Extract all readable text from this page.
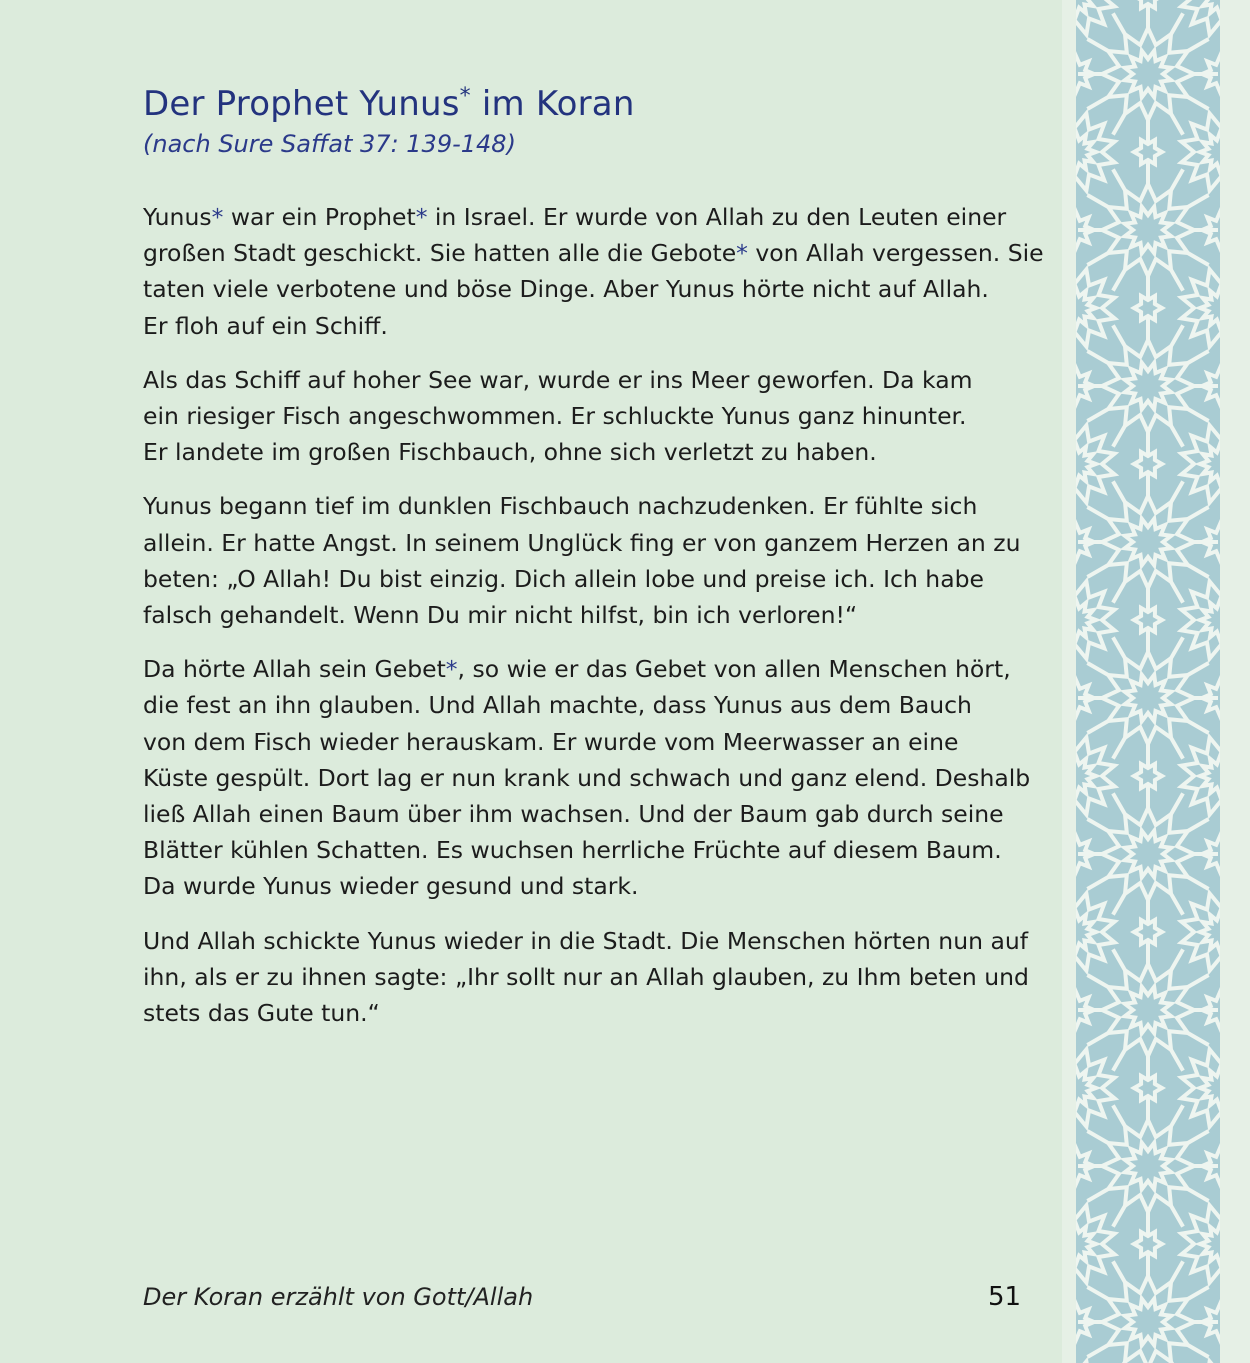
Der Prophet Yunus* im Koran

(nach Sure Saffat 37: 139-148)

Yunus* war ein Prophet* in Israel. Er wurde von Allah zu den Leuten einer
großen Stadt geschickt. Sie hatten alle die Gebote* von Allah vergessen. Sie
taten viele verbotene und böse Dinge. Aber Yunus hörte nicht auf Allah.
Er floh auf ein Schiff.

Als das Schiff auf hoher See war, wurde er ins Meer geworfen. Da kam
ein riesiger Fisch angeschwommen. Er schluckte Yunus ganz hinunter.
Er landete im großen Fischbauch, ohne sich verletzt zu haben.

Yunus begann tief im dunklen Fischbauch nachzudenken. Er fühlte sich
allein. Er hatte Angst. In seinem Unglück fing er von ganzem Herzen an zu
beten: „O Allah! Du bist einzig. Dich allein lobe und preise ich. Ich habe
falsch gehandelt. Wenn Du mir nicht hilfst, bin ich verloren!“

Da hörte Allah sein Gebet*, so wie er das Gebet von allen Menschen hört,
die fest an ihn glauben. Und Allah machte, dass Yunus aus dem Bauch
von dem Fisch wieder herauskam. Er wurde vom Meerwasser an eine
Küste gespült. Dort lag er nun krank und schwach und ganz elend. Deshalb
ließ Allah einen Baum über ihm wachsen. Und der Baum gab durch seine
Blätter kühlen Schatten. Es wuchsen herrliche Früchte auf diesem Baum.
Da wurde Yunus wieder gesund und stark.

Und Allah schickte Yunus wieder in die Stadt. Die Menschen hörten nun auf
ihn, als er zu ihnen sagte: „Ihr sollt nur an Allah glauben, zu Ihm beten und
stets das Gute tun.“

Der Koran erzählt von Gott/Allah	51
